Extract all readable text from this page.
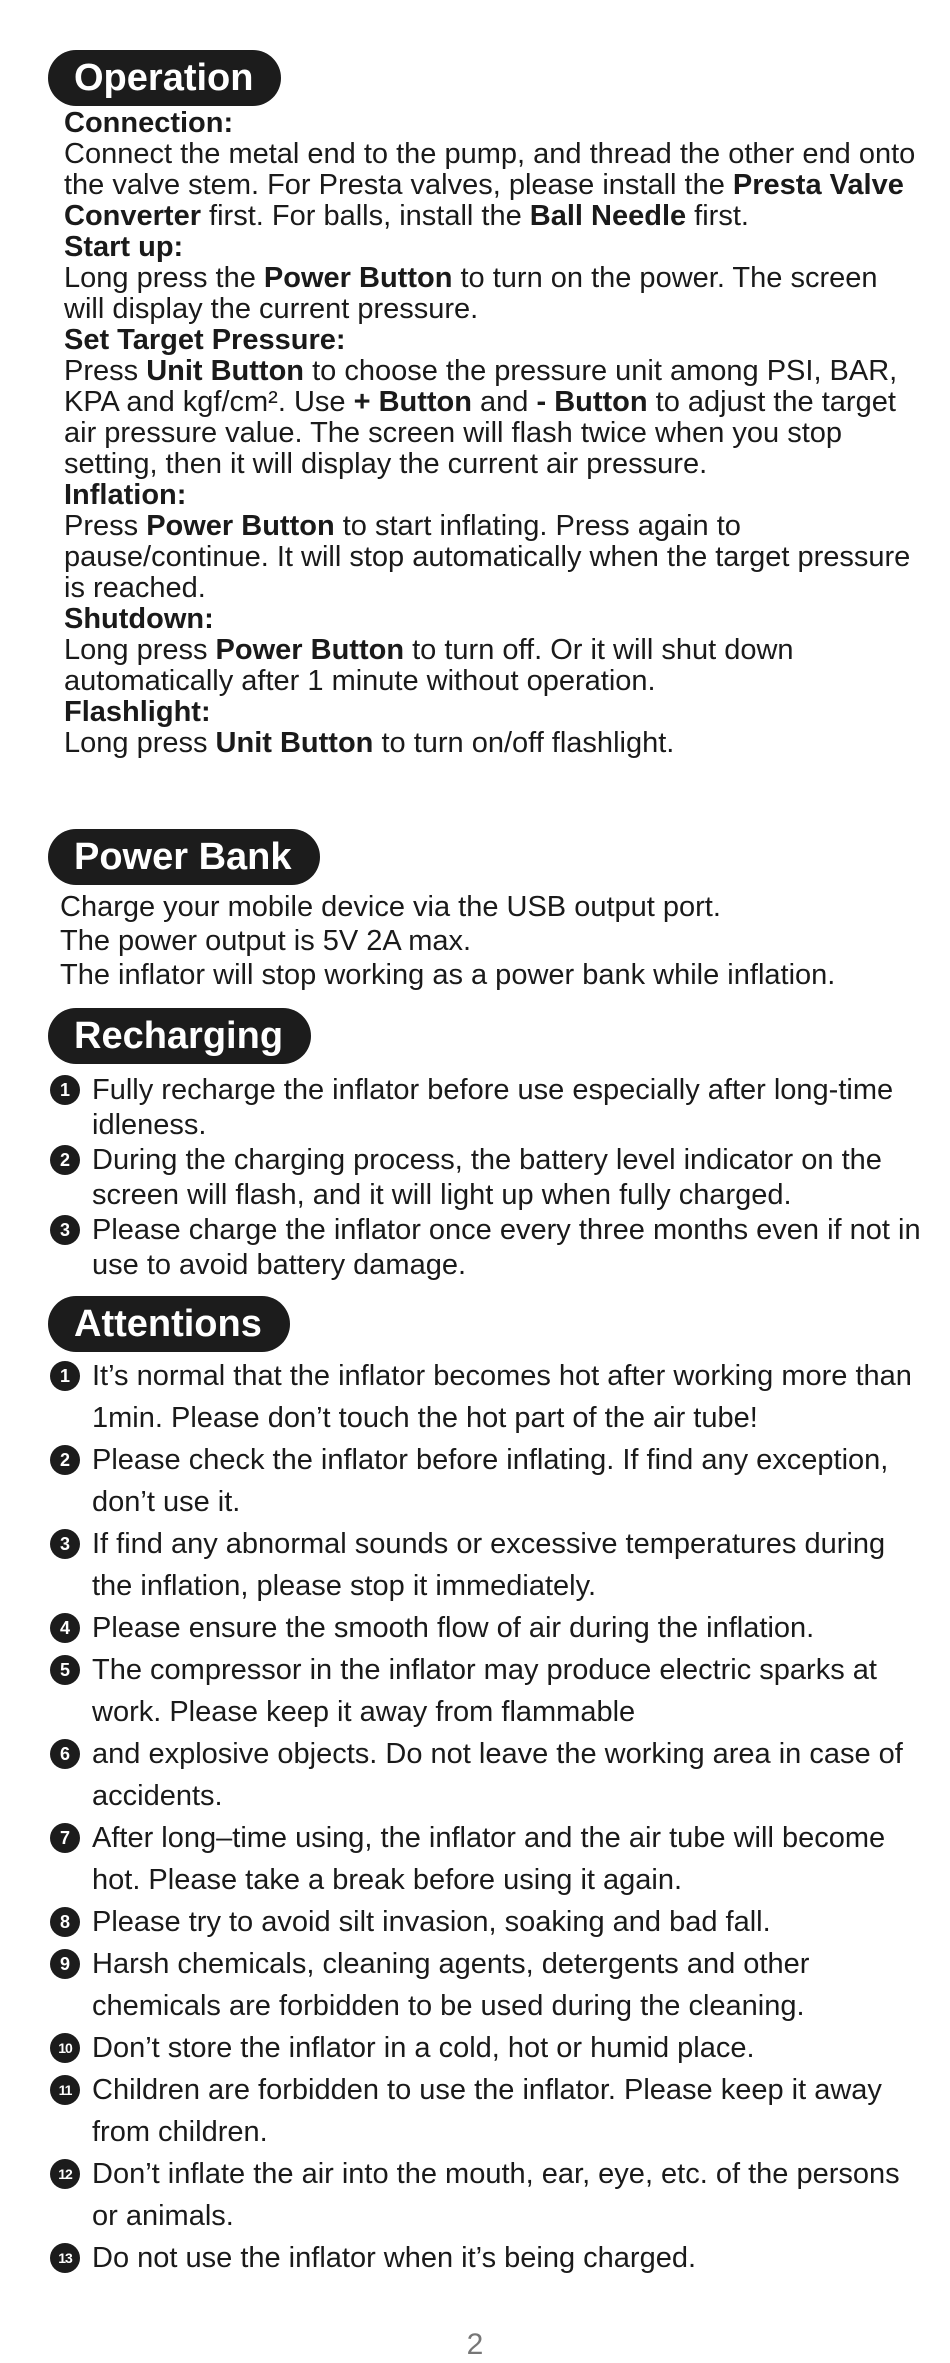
Operation
Connection:
Connect the metal end to the pump, and thread the other end onto the valve stem. For Presta valves, please install the Presta Valve Converter first. For balls, install the Ball Needle first.
Start up:
Long press the Power Button to turn on the power. The screen will display the current pressure.
Set Target Pressure:
Press Unit Button to choose the pressure unit among PSI, BAR, KPA and kgf/cm². Use + Button and - Button to adjust the target air pressure value. The screen will flash twice when you stop setting, then it will display the current air pressure.
Inflation:
Press Power Button to start inflating. Press again to pause/continue. It will stop automatically when the target pressure is reached.
Shutdown:
Long press Power Button to turn off. Or it will shut down automatically after 1 minute without operation.
Flashlight:
Long press Unit Button to turn on/off flashlight.
Power Bank
Charge your mobile device via the USB output port.
The power output is 5V 2A max.
The inflator will stop working as a power bank while inflation.
Recharging
1 Fully recharge the inflator before use especially after long-time idleness.
2 During the charging process, the battery level indicator on the screen will flash, and it will light up when fully charged.
3 Please charge the inflator once every three months even if not in use to avoid battery damage.
Attentions
1 It’s normal that the inflator becomes hot after working more than 1min. Please don’t touch the hot part of the air tube!
2 Please check the inflator before inflating. If find any exception, don’t use it.
3 If find any abnormal sounds or excessive temperatures during the inflation, please stop it immediately.
4 Please ensure the smooth flow of air during the inflation.
5 The compressor in the inflator may produce electric sparks at work. Please keep it away from flammable
6 and explosive objects. Do not leave the working area in case of accidents.
7 After long–time using, the inflator and the air tube will become hot. Please take a break before using it again.
8 Please try to avoid silt invasion, soaking and bad fall.
9 Harsh chemicals, cleaning agents, detergents and other chemicals are forbidden to be used during the cleaning.
10 Don’t store the inflator in a cold, hot or humid place.
11 Children are forbidden to use the inflator. Please keep it away from children.
12 Don’t inflate the air into the mouth, ear, eye, etc. of the persons or animals.
13 Do not use the inflator when it’s being charged.
2
